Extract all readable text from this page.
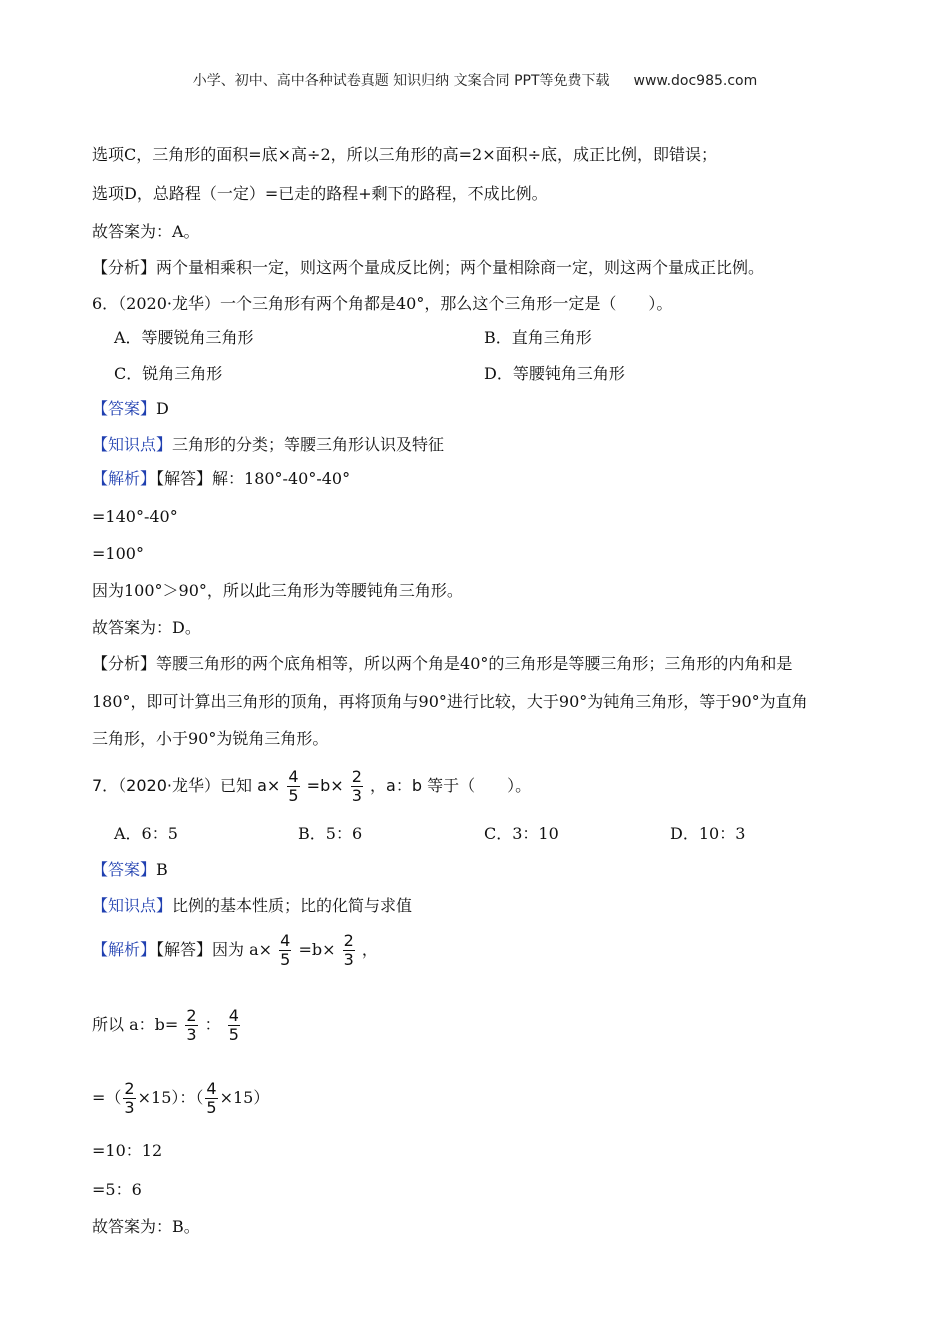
小学、初中、高中各种试卷真题 知识归纳 文案合同 PPT等免费下载 www.doc985.com
选项C，三角形的面积=底×高÷2，所以三角形的高=2×面积÷底，成正比例，即错误；
选项D，总路程（一定）=已走的路程+剩下的路程，不成比例。
故答案为：A。
【分析】两个量相乘积一定，则这两个量成反比例；两个量相除商一定，则这两个量成正比例。
6．（2020·龙华）一个三角形有两个角都是40°，那么这个三角形一定是（　　）。
A．等腰锐角三角形	B．直角三角形
C．锐角三角形	D．等腰钝角三角形
【答案】D
【知识点】三角形的分类；等腰三角形认识及特征
【解析】【解答】解：180°-40°-40°
=140°-40°
=100°
因为100°＞90°，所以此三角形为等腰钝角三角形。
故答案为：D。
【分析】等腰三角形的两个底角相等，所以两个角是40°的三角形是等腰三角形；三角形的内角和是
180°，即可计算出三角形的顶角，再将顶角与90°进行比较，大于90°为钝角三角形，等于90°为直角
三角形，小于90°为锐角三角形。
7．（2020·龙华）已知 $a\times \frac{4}{5} =b\times \frac{2}{3}$ ，a：b 等于（　　）。
A．6：5	B．5：6	C．3：10	D．10：3
【答案】B
【知识点】比例的基本性质；比的化简与求值
【解析】【解答】因为 $a\times \frac{4}{5} =b\times \frac{2}{3}$ ，
所以 a：$b= \frac{2}{3}$ ： $\frac{4}{5}$
=（ $\frac{2}{3} \times 15$）：（ $\frac{4}{5} \times 15$）
=10：12
=5：6
故答案为：B。
